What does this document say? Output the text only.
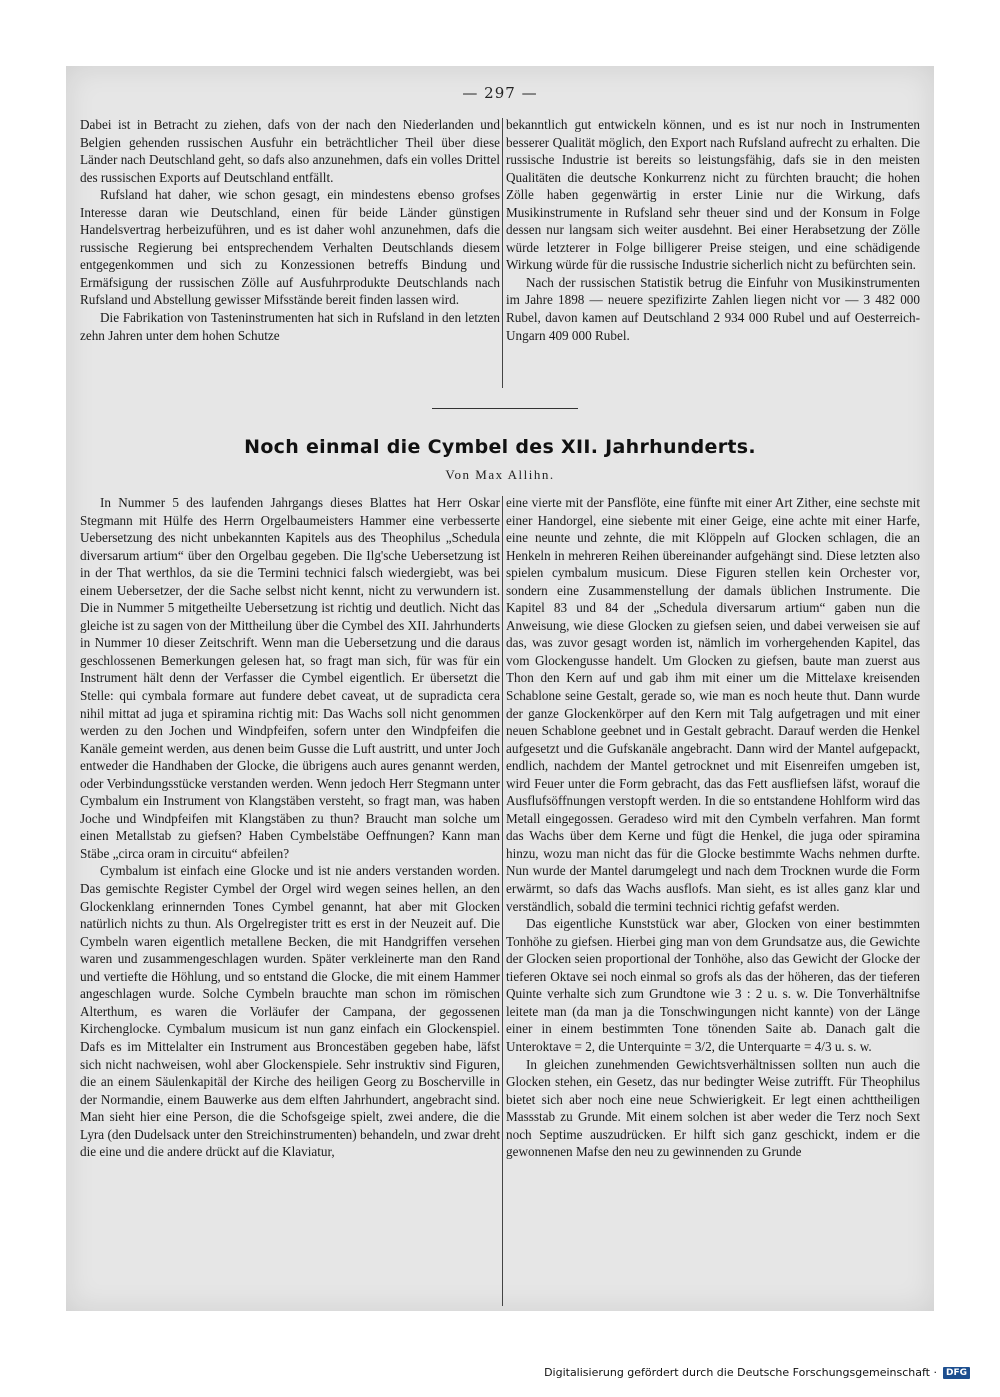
— 297 —

Dabei ist in Betracht zu ziehen, dafs von der nach den Niederlanden und Belgien gehenden russischen Ausfuhr ein beträchtlicher Theil über diese Länder nach Deutschland geht, so dafs also anzunehmen, dafs ein volles Drittel des russischen Exports auf Deutschland entfällt.

Rufsland hat daher, wie schon gesagt, ein mindestens ebenso grofses Interesse daran wie Deutschland, einen für beide Länder günstigen Handelsvertrag herbeizuführen, und es ist daher wohl anzunehmen, dafs die russische Regierung bei entsprechendem Verhalten Deutschlands diesem entgegenkommen und sich zu Konzessionen betreffs Bindung und Ermäfsigung der russischen Zölle auf Ausfuhrprodukte Deutschlands nach Rufsland und Abstellung gewisser Mifsstände bereit finden lassen wird.

Die Fabrikation von Tasteninstrumenten hat sich in Rufsland in den letzten zehn Jahren unter dem hohen Schutze

bekanntlich gut entwickeln können, und es ist nur noch in Instrumenten besserer Qualität möglich, den Export nach Rufsland aufrecht zu erhalten. Die russische Industrie ist bereits so leistungsfähig, dafs sie in den meisten Qualitäten die deutsche Konkurrenz nicht zu fürchten braucht; die hohen Zölle haben gegenwärtig in erster Linie nur die Wirkung, dafs Musikinstrumente in Rufsland sehr theuer sind und der Konsum in Folge dessen nur langsam sich weiter ausdehnt. Bei einer Herabsetzung der Zölle würde letzterer in Folge billigerer Preise steigen, und eine schädigende Wirkung würde für die russische Industrie sicherlich nicht zu befürchten sein.

Nach der russischen Statistik betrug die Einfuhr von Musikinstrumenten im Jahre 1898 — neuere spezifizirte Zahlen liegen nicht vor — 3 482 000 Rubel, davon kamen auf Deutschland 2 934 000 Rubel und auf Oesterreich-Ungarn 409 000 Rubel.

Noch einmal die Cymbel des XII. Jahrhunderts.
Von Max Allihn.

In Nummer 5 des laufenden Jahrgangs dieses Blattes hat Herr Oskar Stegmann mit Hülfe des Herrn Orgelbaumeisters Hammer eine verbesserte Uebersetzung des nicht unbekannten Kapitels aus des Theophilus „Schedula diversarum artium“ über den Orgelbau gegeben. Die Ilg'sche Uebersetzung ist in der That werthlos, da sie die Termini technici falsch wiedergiebt, was bei einem Uebersetzer, der die Sache selbst nicht kennt, nicht zu verwundern ist. Die in Nummer 5 mitgetheilte Uebersetzung ist richtig und deutlich. Nicht das gleiche ist zu sagen von der Mittheilung über die Cymbel des XII. Jahrhunderts in Nummer 10 dieser Zeitschrift. Wenn man die Uebersetzung und die daraus geschlossenen Bemerkungen gelesen hat, so fragt man sich, für was für ein Instrument hält denn der Verfasser die Cymbel eigentlich. Er übersetzt die Stelle: qui cymbala formare aut fundere debet caveat, ut de supradicta cera nihil mittat ad juga et spiramina richtig mit: Das Wachs soll nicht genommen werden zu den Jochen und Windpfeifen, sofern unter den Windpfeifen die Kanäle gemeint werden, aus denen beim Gusse die Luft austritt, und unter Joch entweder die Handhaben der Glocke, die übrigens auch aures genannt werden, oder Verbindungsstücke verstanden werden. Wenn jedoch Herr Stegmann unter Cymbalum ein Instrument von Klangstäben versteht, so fragt man, was haben Joche und Windpfeifen mit Klangstäben zu thun? Braucht man solche um einen Metallstab zu giefsen? Haben Cymbelstäbe Oeffnungen? Kann man Stäbe „circa oram in circuitu“ abfeilen?

Cymbalum ist einfach eine Glocke und ist nie anders verstanden worden. Das gemischte Register Cymbel der Orgel wird wegen seines hellen, an den Glockenklang erinnernden Tones Cymbel genannt, hat aber mit Glocken natürlich nichts zu thun. Als Orgelregister tritt es erst in der Neuzeit auf. Die Cymbeln waren eigentlich metallene Becken, die mit Handgriffen versehen waren und zusammengeschlagen wurden. Später verkleinerte man den Rand und vertiefte die Höhlung, und so entstand die Glocke, die mit einem Hammer angeschlagen wurde. Solche Cymbeln brauchte man schon im römischen Alterthum, es waren die Vorläufer der Campana, der gegossenen Kirchenglocke. Cymbalum musicum ist nun ganz einfach ein Glockenspiel. Dafs es im Mittelalter ein Instrument aus Broncestäben gegeben habe, läfst sich nicht nachweisen, wohl aber Glockenspiele. Sehr instruktiv sind Figuren, die an einem Säulenkapitäl der Kirche des heiligen Georg zu Boscherville in der Normandie, einem Bauwerke aus dem elften Jahrhundert, angebracht sind. Man sieht hier eine Person, die die Schofsgeige spielt, zwei andere, die die Lyra (den Dudelsack unter den Streichinstrumenten) behandeln, und zwar dreht die eine und die andere drückt auf die Klaviatur,

eine vierte mit der Pansflöte, eine fünfte mit einer Art Zither, eine sechste mit einer Handorgel, eine siebente mit einer Geige, eine achte mit einer Harfe, eine neunte und zehnte, die mit Klöppeln auf Glocken schlagen, die an Henkeln in mehreren Reihen übereinander aufgehängt sind. Diese letzten also spielen cymbalum musicum. Diese Figuren stellen kein Orchester vor, sondern eine Zusammenstellung der damals üblichen Instrumente. Die Kapitel 83 und 84 der „Schedula diversarum artium“ gaben nun die Anweisung, wie diese Glocken zu giefsen seien, und dabei verweisen sie auf das, was zuvor gesagt worden ist, nämlich im vorhergehenden Kapitel, das vom Glockengusse handelt. Um Glocken zu giefsen, baute man zuerst aus Thon den Kern auf und gab ihm mit einer um die Mittelaxe kreisenden Schablone seine Gestalt, gerade so, wie man es noch heute thut. Dann wurde der ganze Glockenkörper auf den Kern mit Talg aufgetragen und mit einer neuen Schablone geebnet und in Gestalt gebracht. Darauf werden die Henkel aufgesetzt und die Gufskanäle angebracht. Dann wird der Mantel aufgepackt, endlich, nachdem der Mantel getrocknet und mit Eisenreifen umgeben ist, wird Feuer unter die Form gebracht, das das Fett ausfliefsen läfst, worauf die Ausflufsöffnungen verstopft werden. In die so entstandene Hohlform wird das Metall eingegossen. Geradeso wird mit den Cymbeln verfahren. Man formt das Wachs über dem Kerne und fügt die Henkel, die juga oder spiramina hinzu, wozu man nicht das für die Glocke bestimmte Wachs nehmen durfte. Nun wurde der Mantel darumgelegt und nach dem Trocknen wurde die Form erwärmt, so dafs das Wachs ausflofs. Man sieht, es ist alles ganz klar und verständlich, sobald die termini technici richtig gefafst werden.

Das eigentliche Kunststück war aber, Glocken von einer bestimmten Tonhöhe zu giefsen. Hierbei ging man von dem Grundsatze aus, die Gewichte der Glocken seien proportional der Tonhöhe, also das Gewicht der Glocke der tieferen Oktave sei noch einmal so grofs als das der höheren, das der tieferen Quinte verhalte sich zum Grundtone wie 3 : 2 u. s. w. Die Tonverhältnifse leitete man (da man ja die Tonschwingungen nicht kannte) von der Länge einer in einem bestimmten Tone tönenden Saite ab. Danach galt die Unteroktave = 2, die Unterquinte = 3/2, die Unterquarte = 4/3 u. s. w.

In gleichen zunehmenden Gewichtsverhältnissen sollten nun auch die Glocken stehen, ein Gesetz, das nur bedingter Weise zutrifft. Für Theophilus bietet sich aber noch eine neue Schwierigkeit. Er legt einen achttheiligen Massstab zu Grunde. Mit einem solchen ist aber weder die Terz noch Sext noch Septime auszudrücken. Er hilft sich ganz geschickt, indem er die gewonnenen Mafse den neu zu gewinnenden zu Grunde

Digitalisierung gefördert durch die Deutsche Forschungsgemeinschaft ·	DFG
